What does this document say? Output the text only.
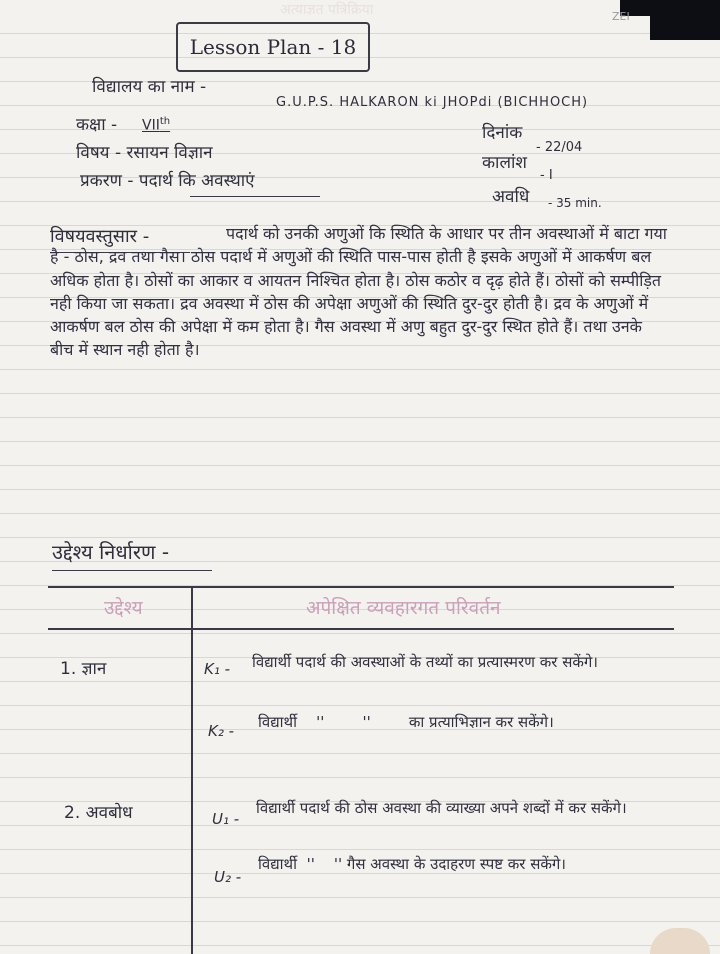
अत्याज्ञत पत्रिक्रिया	ZEI
Lesson Plan - 18
विद्यालय का नाम -
G.U.P.S. HALKARON ki JHOPdi (BICHHOCH)
कक्षा - VIIth
विषय - रसायन विज्ञान
प्रकरण - पदार्थ कि अवस्थाएं
दिनांक
- 22/04
कालांश
- I
अवधि - 35 min.
विषयवस्तुसार -	पदार्थ को उनकी अणुओं कि स्थिति के आधार पर तीन अवस्थाओं में बाटा गया है - ठोस, द्रव तथा गैस। ठोस पदार्थ में अणुओं की स्थिति पास-पास होती है इसके अणुओं में आकर्षण बल अधिक होता है। ठोसों का आकार व आयतन निश्चित होता है। ठोस कठोर व दृढ़ होते हैं। ठोसों को सम्पीड़ित नही किया जा सकता। द्रव अवस्था में ठोस की अपेक्षा अणुओं की स्थिति दुर-दुर होती है। द्रव के अणुओं में आकर्षण बल ठोस की अपेक्षा में कम होता है। गैस अवस्था में अणु बहुत दुर-दुर स्थित होते हैं। तथा उनके बीच में स्थान नही होता है।
उद्देश्य निर्धारण -
उद्देश्य	अपेक्षित व्यवहारगत परिवर्तन
1. ज्ञान	K₁ - विद्यार्थी पदार्थ की अवस्थाओं के तथ्यों का प्रत्यास्मरण कर सकेंगे।
K₂ - विद्यार्थी    ''        ''        का प्रत्याभिज्ञान कर सकेंगे।
2. अवबोध	U₁ -
विद्यार्थी पदार्थ की ठोस अवस्था की व्याख्या अपने शब्दों में कर सकेंगे।
U₂ -
विद्यार्थी  ''    '' गैस अवस्था के उदाहरण स्पष्ट कर सकेंगे।
